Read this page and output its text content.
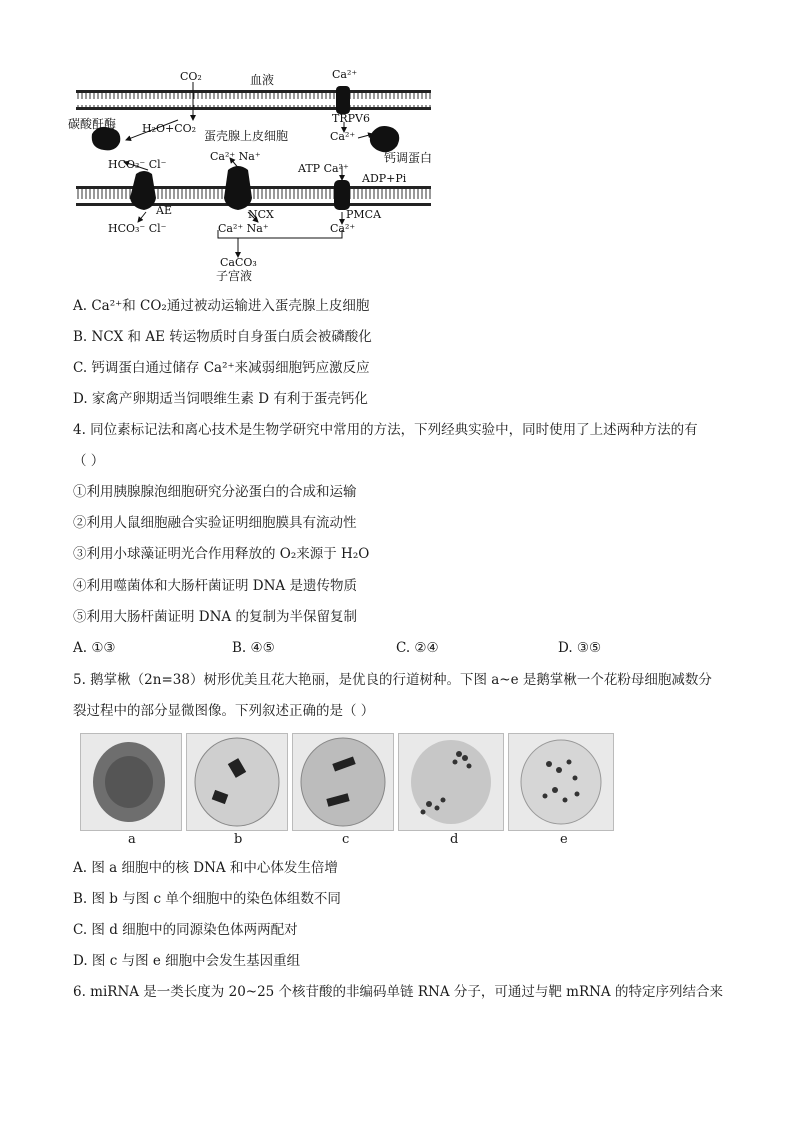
CO₂	血液	Ca²⁺
碳酸酐酶 H₂O+CO₂
蛋壳腺上皮细胞
TRPV6
Ca²⁺
钙调蛋白
HCO₃⁻ Cl⁻
Ca²⁺ Na⁺
ATP Ca²⁺
ADP+Pi
AE	NCX	PMCA
HCO₃⁻ Cl⁻	Ca²⁺ Na⁺	Ca²⁺
CaCO₃
子宫液
A. Ca²⁺和 CO₂通过被动运输进入蛋壳腺上皮细胞
B. NCX 和 AE 转运物质时自身蛋白质会被磷酸化
C. 钙调蛋白通过储存 Ca²⁺来减弱细胞钙应激反应
D. 家禽产卵期适当饲喂维生素 D 有利于蛋壳钙化
4. 同位素标记法和离心技术是生物学研究中常用的方法，下列经典实验中，同时使用了上述两种方法的有
（ ）
①利用胰腺腺泡细胞研究分泌蛋白的合成和运输
②利用人鼠细胞融合实验证明细胞膜具有流动性
③利用小球藻证明光合作用释放的 O₂来源于 H₂O
④利用噬菌体和大肠杆菌证明 DNA 是遗传物质
⑤利用大肠杆菌证明 DNA 的复制为半保留复制
A. ①③	B. ④⑤	C. ②④	D. ③⑤
5. 鹅掌楸（2n=38）树形优美且花大艳丽，是优良的行道树种。下图 a~e 是鹅掌楸一个花粉母细胞减数分
裂过程中的部分显微图像。下列叙述正确的是（ ）
a	b	c	d	e
A. 图 a 细胞中的核 DNA 和中心体发生倍增
B. 图 b 与图 c 单个细胞中的染色体组数不同
C. 图 d 细胞中的同源染色体两两配对
D. 图 c 与图 e 细胞中会发生基因重组
6. miRNA 是一类长度为 20~25 个核苷酸的非编码单链 RNA 分子，可通过与靶 mRNA 的特定序列结合来
